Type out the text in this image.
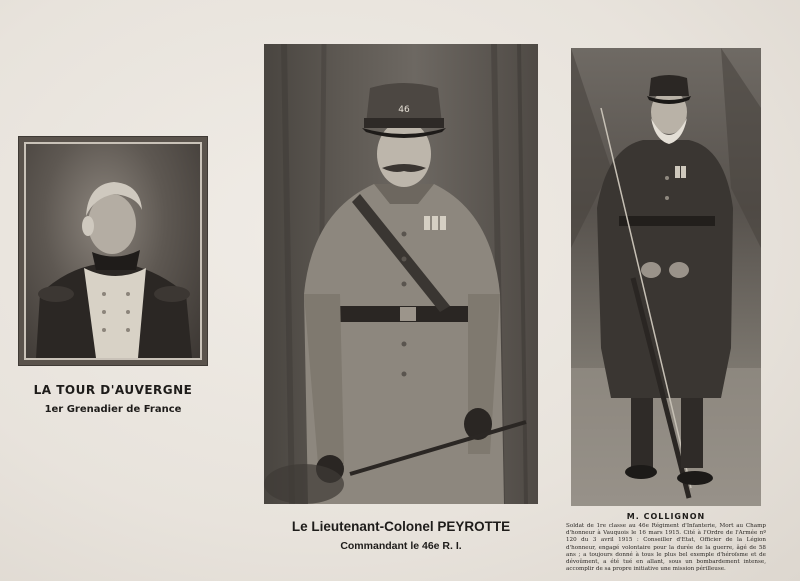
LA TOUR D'AUVERGNE
1er Grenadier de France
46
Le Lieutenant-Colonel PEYROTTE
Commandant le 46e R. I.
M. COLLIGNON
Soldat de 1re classe au 46e Régiment d'Infanterie, Mort au Champ d'honneur à Vauquois le 16 mars 1915. Cité à l'Ordre de l'Armée nº 120 du 3 avril 1915 : Conseiller d'Etat, Officier de la Légion d'honneur, engagé volontaire pour la durée de la guerre, âgé de 58 ans ; a toujours donné à tous le plus bel exemple d'héroïsme et de dévoûment, a été tué en allant, sous un bombardement intense, accomplir de sa propre initiative une mission périlleuse.
